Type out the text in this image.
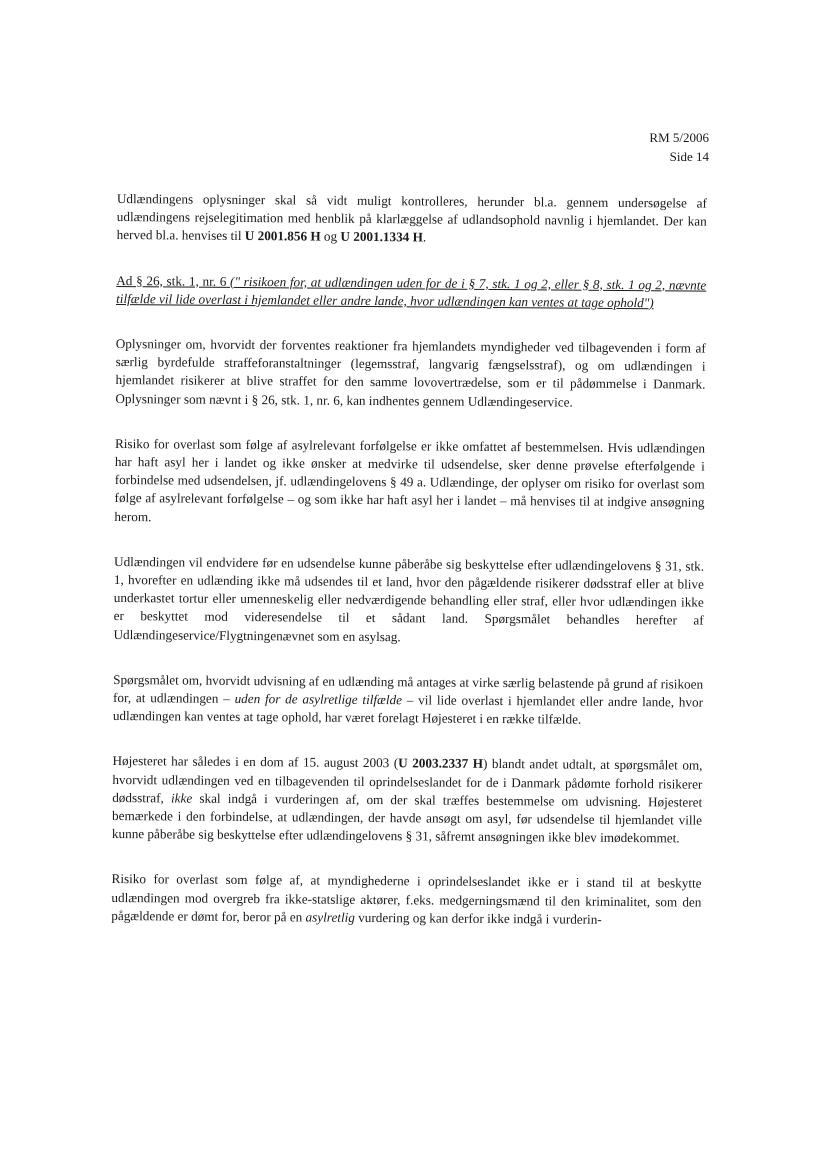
RM 5/2006
Side 14

Udlændingens oplysninger skal så vidt muligt kontrolleres, herunder bl.a. gennem undersøgelse af udlændingens rejselegitimation med henblik på klarlæggelse af udlandsophold navnlig i hjemlandet. Der kan herved bl.a. henvises til U 2001.856 H og U 2001.1334 H.

Ad § 26, stk. 1, nr. 6 (" risikoen for, at udlændingen uden for de i § 7, stk. 1 og 2, eller § 8, stk. 1 og 2, nævnte tilfælde vil lide overlast i hjemlandet eller andre lande, hvor udlændingen kan ventes at tage ophold")

Oplysninger om, hvorvidt der forventes reaktioner fra hjemlandets myndigheder ved tilbagevenden i form af særlig byrdefulde straffeforanstaltninger (legemsstraf, langvarig fængselsstraf), og om udlændingen i hjemlandet risikerer at blive straffet for den samme lovovertrædelse, som er til pådømmelse i Danmark. Oplysninger som nævnt i § 26, stk. 1, nr. 6, kan indhentes gennem Udlændingeservice.

Risiko for overlast som følge af asylrelevant forfølgelse er ikke omfattet af bestemmelsen. Hvis udlændingen har haft asyl her i landet og ikke ønsker at medvirke til udsendelse, sker denne prøvelse efterfølgende i forbindelse med udsendelsen, jf. udlændingelovens § 49 a. Udlændinge, der oplyser om risiko for overlast som følge af asylrelevant forfølgelse – og som ikke har haft asyl her i landet – må henvises til at indgive ansøgning herom.

Udlændingen vil endvidere før en udsendelse kunne påberåbe sig beskyttelse efter udlændingelovens § 31, stk. 1, hvorefter en udlænding ikke må udsendes til et land, hvor den pågældende risikerer dødsstraf eller at blive underkastet tortur eller umenneskelig eller nedværdigende behandling eller straf, eller hvor udlændingen ikke er beskyttet mod videresendelse til et sådant land. Spørgsmålet behandles herefter af Udlændingeservice/Flygtningenævnet som en asylsag.

Spørgsmålet om, hvorvidt udvisning af en udlænding må antages at virke særlig belastende på grund af risikoen for, at udlændingen – uden for de asylretlige tilfælde – vil lide overlast i hjemlandet eller andre lande, hvor udlændingen kan ventes at tage ophold, har været forelagt Højesteret i en række tilfælde.

Højesteret har således i en dom af 15. august 2003 (U 2003.2337 H) blandt andet udtalt, at spørgsmålet om, hvorvidt udlændingen ved en tilbagevenden til oprindelseslandet for de i Danmark pådømte forhold risikerer dødsstraf, ikke skal indgå i vurderingen af, om der skal træffes bestemmelse om udvisning. Højesteret bemærkede i den forbindelse, at udlændingen, der havde ansøgt om asyl, før udsendelse til hjemlandet ville kunne påberåbe sig beskyttelse efter udlændingelovens § 31, såfremt ansøgningen ikke blev imødekommet.

Risiko for overlast som følge af, at myndighederne i oprindelseslandet ikke er i stand til at beskytte udlændingen mod overgreb fra ikke-statslige aktører, f.eks. medgerningsmænd til den kriminalitet, som den pågældende er dømt for, beror på en asylretlig vurdering og kan derfor ikke indgå i vurderin-
